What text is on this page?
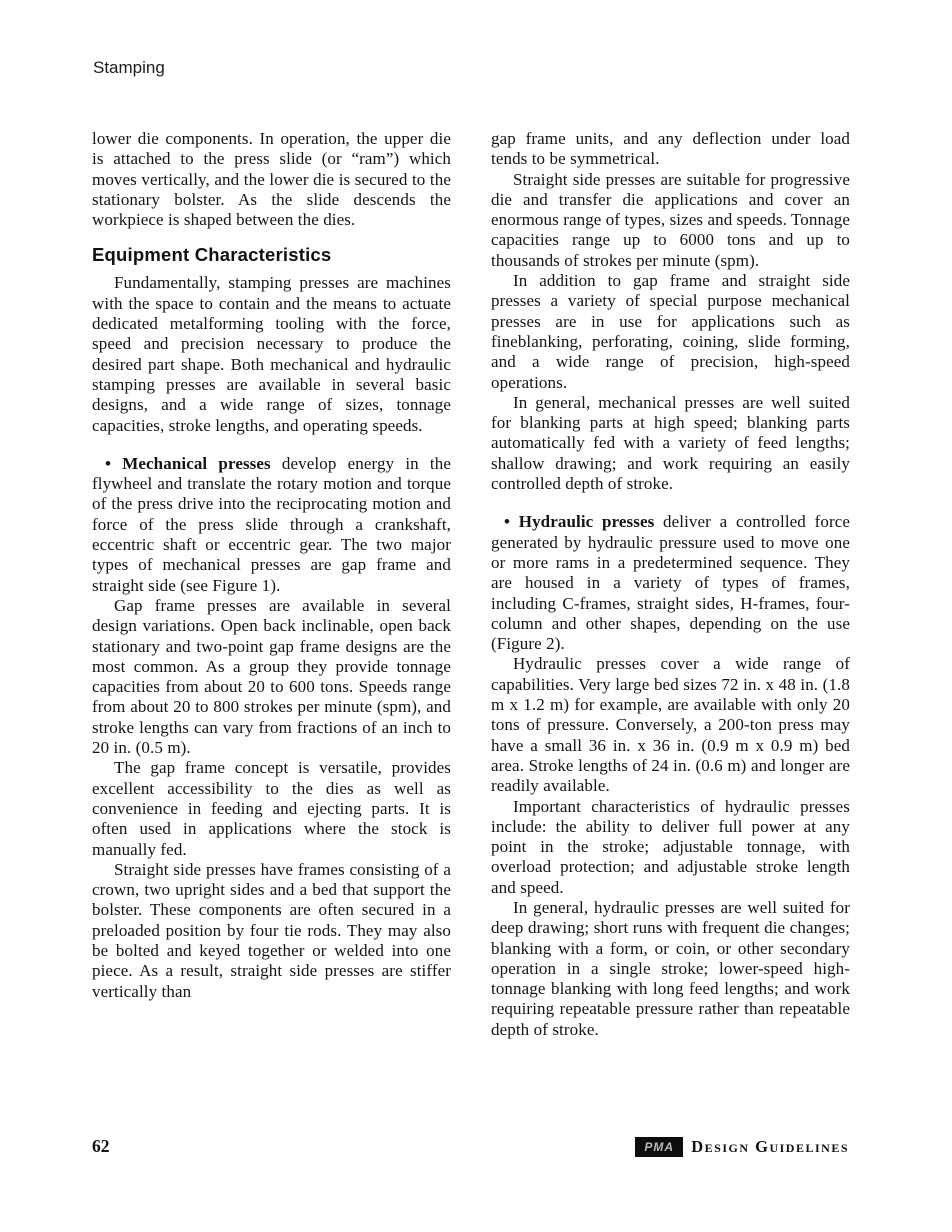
Stamping

lower die components. In operation, the upper die is attached to the press slide (or “ram”) which moves vertically, and the lower die is secured to the stationary bolster. As the slide descends the workpiece is shaped between the dies.

Equipment Characteristics

Fundamentally, stamping presses are machines with the space to contain and the means to actuate dedicated metalforming tooling with the force, speed and precision necessary to produce the desired part shape. Both mechanical and hydraulic stamping presses are available in several basic designs, and a wide range of sizes, tonnage capacities, stroke lengths, and operating speeds.

• Mechanical presses develop energy in the flywheel and translate the rotary motion and torque of the press drive into the reciprocating motion and force of the press slide through a crankshaft, eccentric shaft or eccentric gear. The two major types of mechanical presses are gap frame and straight side (see Figure 1).

Gap frame presses are available in several design variations. Open back inclinable, open back stationary and two-point gap frame designs are the most common. As a group they provide tonnage capacities from about 20 to 600 tons. Speeds range from about 20 to 800 strokes per minute (spm), and stroke lengths can vary from fractions of an inch to 20 in. (0.5 m).

The gap frame concept is versatile, provides excellent accessibility to the dies as well as convenience in feeding and ejecting parts. It is often used in applications where the stock is manually fed.

Straight side presses have frames consisting of a crown, two upright sides and a bed that support the bolster. These components are often secured in a preloaded position by four tie rods. They may also be bolted and keyed together or welded into one piece. As a result, straight side presses are stiffer vertically than

gap frame units, and any deflection under load tends to be symmetrical.

Straight side presses are suitable for progressive die and transfer die applications and cover an enormous range of types, sizes and speeds. Tonnage capacities range up to 6000 tons and up to thousands of strokes per minute (spm).

In addition to gap frame and straight side presses a variety of special purpose mechanical presses are in use for applications such as fineblanking, perforating, coining, slide forming, and a wide range of precision, high-speed operations.

In general, mechanical presses are well suited for blanking parts at high speed; blanking parts automatically fed with a variety of feed lengths; shallow drawing; and work requiring an easily controlled depth of stroke.

• Hydraulic presses deliver a controlled force generated by hydraulic pressure used to move one or more rams in a predetermined sequence. They are housed in a variety of types of frames, including C-frames, straight sides, H-frames, four-column and other shapes, depending on the use (Figure 2).

Hydraulic presses cover a wide range of capabilities. Very large bed sizes 72 in. x 48 in. (1.8 m x 1.2 m) for example, are available with only 20 tons of pressure. Conversely, a 200-ton press may have a small 36 in. x 36 in. (0.9 m x 0.9 m) bed area. Stroke lengths of 24 in. (0.6 m) and longer are readily available.

Important characteristics of hydraulic presses include: the ability to deliver full power at any point in the stroke; adjustable tonnage, with overload protection; and adjustable stroke length and speed.

In general, hydraulic presses are well suited for deep drawing; short runs with frequent die changes; blanking with a form, or coin, or other secondary operation in a single stroke; lower-speed high-tonnage blanking with long feed lengths; and work requiring repeatable pressure rather than repeatable depth of stroke.

62	PMA	Design Guidelines
